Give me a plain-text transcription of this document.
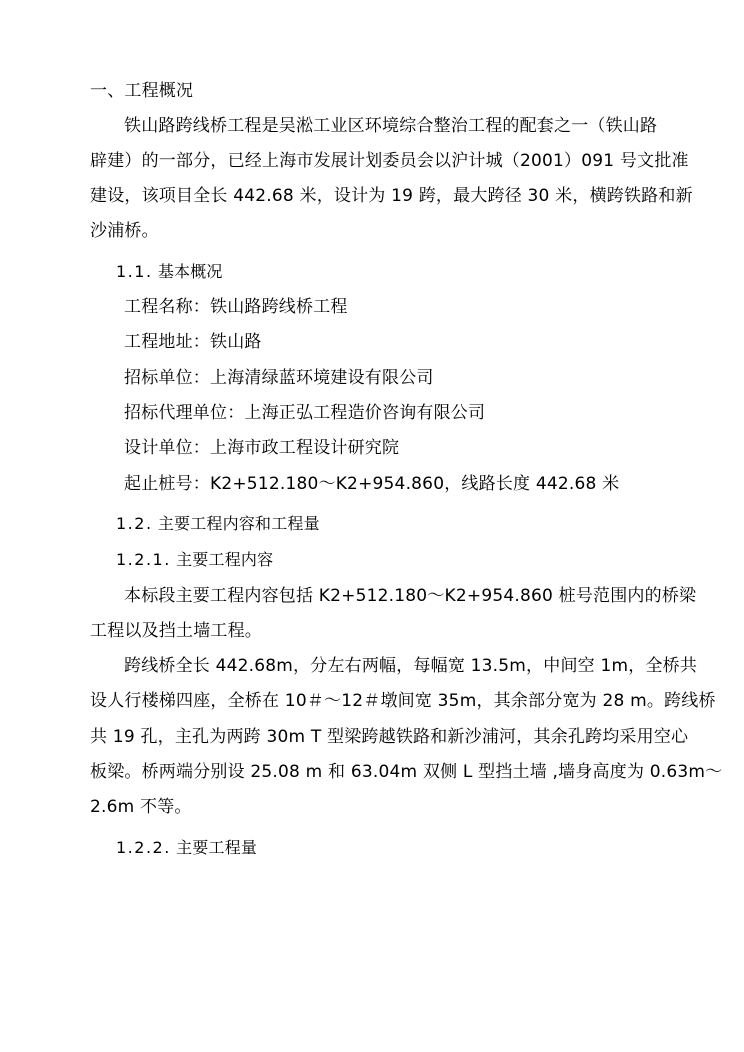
一、工程概况
铁山路跨线桥工程是吴淞工业区环境综合整治工程的配套之一（铁山路
辟建）的一部分，已经上海市发展计划委员会以沪计城（2001）091 号文批准
建设，该项目全长 442.68 米，设计为 19 跨，最大跨径 30 米，横跨铁路和新
沙浦桥。
1.1. 基本概况
工程名称：铁山路跨线桥工程
工程地址：铁山路
招标单位：上海清绿蓝环境建设有限公司
招标代理单位：上海正弘工程造价咨询有限公司
设计单位：上海市政工程设计研究院
起止桩号：K2+512.180～K2+954.860，线路长度 442.68 米
1.2. 主要工程内容和工程量
1.2.1. 主要工程内容
本标段主要工程内容包括 K2+512.180～K2+954.860 桩号范围内的桥梁
工程以及挡土墙工程。
跨线桥全长 442.68m，分左右两幅，每幅宽 13.5m，中间空 1m，全桥共
设人行楼梯四座，全桥在 10＃～12＃墩间宽 35m，其余部分宽为 28 m。跨线桥
共 19 孔，主孔为两跨 30m T 型梁跨越铁路和新沙浦河，其余孔跨均采用空心
板梁。桥两端分别设 25.08 m 和 63.04m 双侧 L 型挡土墙 ,墙身高度为 0.63m～
2.6m 不等。
1.2.2. 主要工程量
